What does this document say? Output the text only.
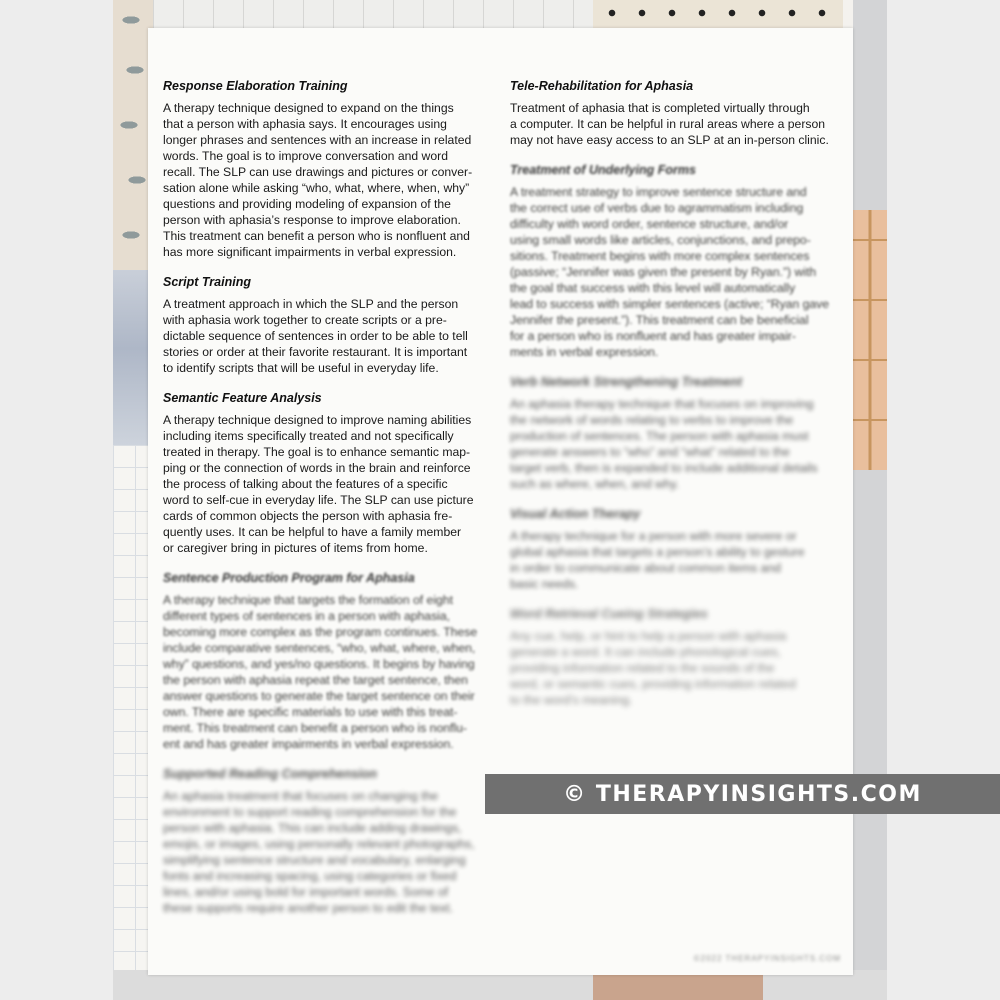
Response Elaboration Training

A therapy technique designed to expand on the things
that a person with aphasia says. It encourages using
longer phrases and sentences with an increase in related
words. The goal is to improve conversation and word
recall. The SLP can use drawings and pictures or conver-
sation alone while asking “who, what, where, when, why”
questions and providing modeling of expansion of the
person with aphasia’s response to improve elaboration.
This treatment can benefit a person who is nonfluent and
has more significant impairments in verbal expression.

Script Training

A treatment approach in which the SLP and the person
with aphasia work together to create scripts or a pre-
dictable sequence of sentences in order to be able to tell
stories or order at their favorite restaurant. It is important
to identify scripts that will be useful in everyday life.

Semantic Feature Analysis

A therapy technique designed to improve naming abilities
including items specifically treated and not specifically
treated in therapy. The goal is to enhance semantic map-
ping or the connection of words in the brain and reinforce
the process of talking about the features of a specific
word to self-cue in everyday life. The SLP can use picture
cards of common objects the person with aphasia fre-
quently uses. It can be helpful to have a family member
or caregiver bring in pictures of items from home.

Sentence Production Program for Aphasia

A therapy technique that targets the formation of eight
different types of sentences in a person with aphasia,
becoming more complex as the program continues. These
include comparative sentences, “who, what, where, when,
why” questions, and yes/no questions. It begins by having
the person with aphasia repeat the target sentence, then
answer questions to generate the target sentence on their
own. There are specific materials to use with this treat-
ment. This treatment can benefit a person who is nonflu-
ent and has greater impairments in verbal expression.

Supported Reading Comprehension

An aphasia treatment that focuses on changing the
environment to support reading comprehension for the
person with aphasia. This can include adding drawings,
emojis, or images, using personally relevant photographs,
simplifying sentence structure and vocabulary, enlarging
fonts and increasing spacing, using categories or fixed
lines, and/or using bold for important words. Some of
these supports require another person to edit the text.

Tele-Rehabilitation for Aphasia

Treatment of aphasia that is completed virtually through
a computer. It can be helpful in rural areas where a person
may not have easy access to an SLP at an in-person clinic.

Treatment of Underlying Forms

A treatment strategy to improve sentence structure and
the correct use of verbs due to agrammatism including
difficulty with word order, sentence structure, and/or
using small words like articles, conjunctions, and prepo-
sitions. Treatment begins with more complex sentences
(passive; “Jennifer was given the present by Ryan.”) with
the goal that success with this level will automatically
lead to success with simpler sentences (active; “Ryan gave
Jennifer the present.”). This treatment can be beneficial
for a person who is nonfluent and has greater impair-
ments in verbal expression.

Verb Network Strengthening Treatment

An aphasia therapy technique that focuses on improving
the network of words relating to verbs to improve the
production of sentences. The person with aphasia must
generate answers to “who” and “what” related to the
target verb, then is expanded to include additional details
such as where, when, and why.

Visual Action Therapy

A therapy technique for a person with more severe or
global aphasia that targets a person’s ability to gesture
in order to communicate about common items and
basic needs.

Word Retrieval Cueing Strategies

Any cue, help, or hint to help a person with aphasia
generate a word. It can include phonological cues,
providing information related to the sounds of the
word, or semantic cues, providing information related
to the word’s meaning.

©2022 THERAPYINSIGHTS.COM
© THERAPYINSIGHTS.COM
